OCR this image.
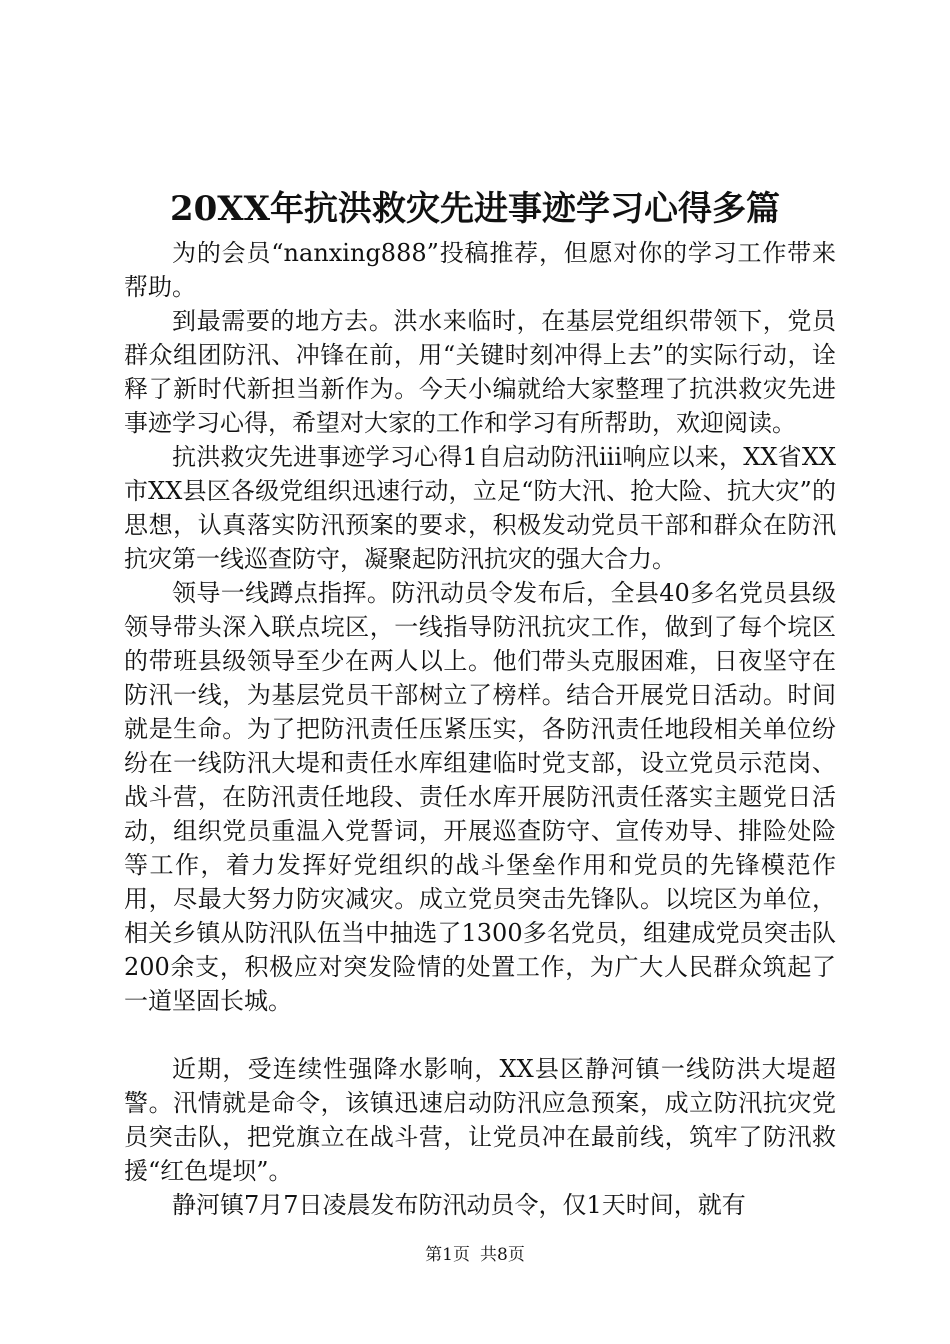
20XX年抗洪救灾先进事迹学习心得多篇

为的会员“nanxing888”投稿推荐，但愿对你的学习工作带来帮助。

到最需要的地方去。洪水来临时，在基层党组织带领下，党员群众组团防汛、冲锋在前，用“关键时刻冲得上去”的实际行动，诠释了新时代新担当新作为。今天小编就给大家整理了抗洪救灾先进事迹学习心得，希望对大家的工作和学习有所帮助，欢迎阅读。

抗洪救灾先进事迹学习心得1自启动防汛iii响应以来，XX省XX市XX县区各级党组织迅速行动，立足“防大汛、抢大险、抗大灾”的思想，认真落实防汛预案的要求，积极发动党员干部和群众在防汛抗灾第一线巡查防守，凝聚起防汛抗灾的强大合力。

领导一线蹲点指挥。防汛动员令发布后，全县40多名党员县级领导带头深入联点垸区，一线指导防汛抗灾工作，做到了每个垸区的带班县级领导至少在两人以上。他们带头克服困难，日夜坚守在防汛一线，为基层党员干部树立了榜样。结合开展党日活动。时间就是生命。为了把防汛责任压紧压实，各防汛责任地段相关单位纷纷在一线防汛大堤和责任水库组建临时党支部，设立党员示范岗、战斗营，在防汛责任地段、责任水库开展防汛责任落实主题党日活动，组织党员重温入党誓词，开展巡查防守、宣传劝导、排险处险等工作，着力发挥好党组织的战斗堡垒作用和党员的先锋模范作用，尽最大努力防灾减灾。成立党员突击先锋队。以垸区为单位，相关乡镇从防汛队伍当中抽选了1300多名党员，组建成党员突击队200余支，积极应对突发险情的处置工作，为广大人民群众筑起了一道坚固长城。

近期，受连续性强降水影响，XX县区静河镇一线防洪大堤超警。汛情就是命令，该镇迅速启动防汛应急预案，成立防汛抗灾党员突击队，把党旗立在战斗营，让党员冲在最前线，筑牢了防汛救援“红色堤坝”。

静河镇7月7日凌晨发布防汛动员令，仅1天时间，就有

第1页 共8页
